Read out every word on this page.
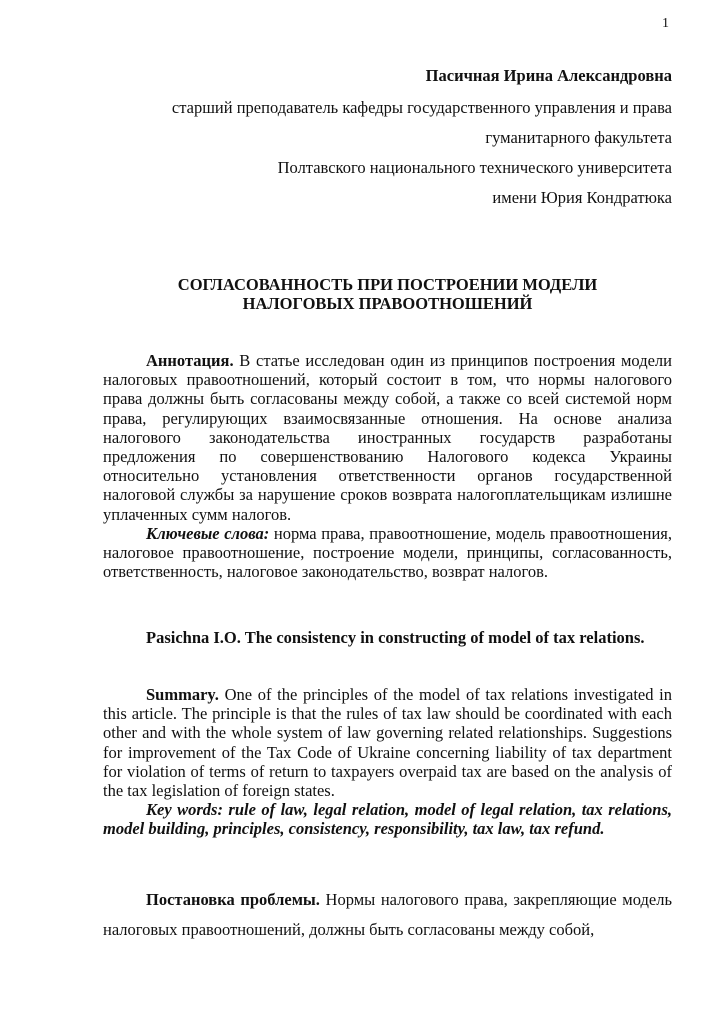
1
Пасичная Ирина Александровна
старший преподаватель кафедры государственного управления и права
гуманитарного факультета
Полтавского национального технического университета
имени Юрия Кондратюка
СОГЛАСОВАННОСТЬ ПРИ ПОСТРОЕНИИ МОДЕЛИ
НАЛОГОВЫХ ПРАВООТНОШЕНИЙ

Аннотация. В статье исследован один из принципов построения модели налоговых правоотношений, который состоит в том, что нормы налогового права должны быть согласованы между собой, а также со всей системой норм права, регулирующих взаимосвязанные отношения. На основе анализа налогового законодательства иностранных государств разработаны предложения по совершенствованию Налогового кодекса Украины относительно установления ответственности органов государственной налоговой службы за нарушение сроков возврата налогоплательщикам излишне уплаченных сумм налогов.

Ключевые слова: норма права, правоотношение, модель правоотношения, налоговое правоотношение, построение модели, принципы, согласованность, ответственность, налоговое законодательство, возврат налогов.

Pasichna I.O. The consistency in constructing of model of tax relations.

Summary. One of the principles of the model of tax relations investigated in this article. The principle is that the rules of tax law should be coordinated with each other and with the whole system of law governing related relationships. Suggestions for improvement of the Tax Code of Ukraine concerning liability of tax department for violation of terms of return to taxpayers overpaid tax are based on the analysis of the tax legislation of foreign states.

Key words: rule of law, legal relation, model of legal relation, tax relations, model building, principles, consistency, responsibility, tax law, tax refund.

Постановка проблемы. Нормы налогового права, закрепляющие модель налоговых правоотношений, должны быть согласованы между собой,
